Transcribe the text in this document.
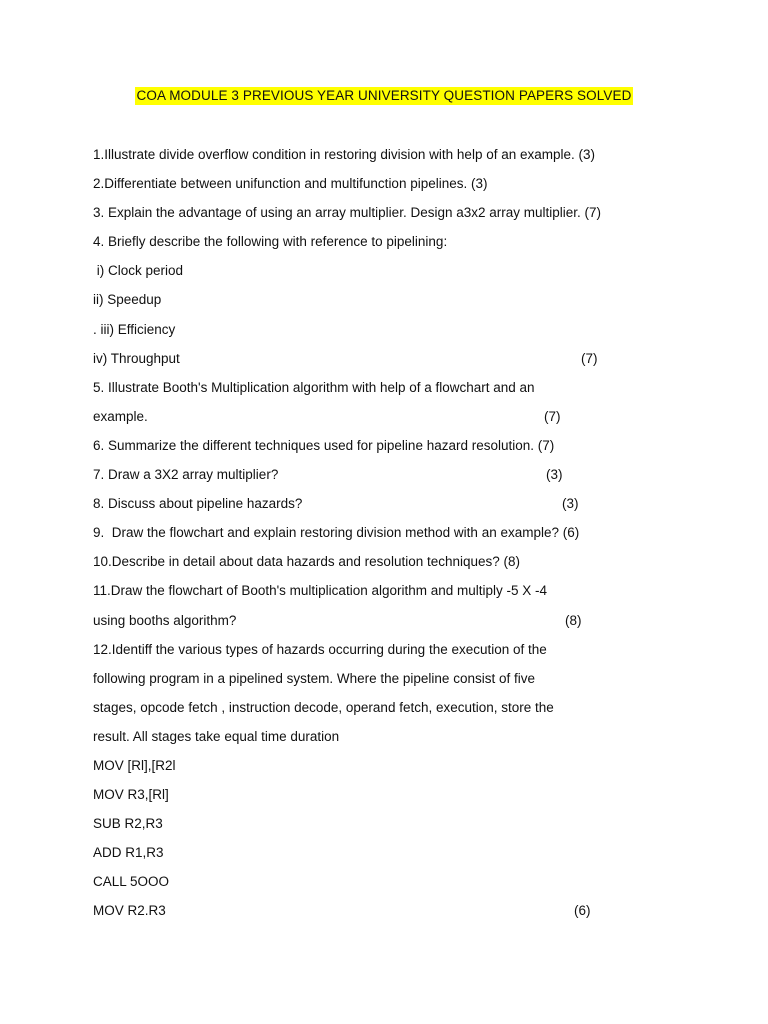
COA MODULE 3 PREVIOUS YEAR UNIVERSITY QUESTION PAPERS SOLVED
1.Illustrate divide overflow condition in restoring division with help of an example. (3)
2.Differentiate between unifunction and multifunction pipelines. (3)
3. Explain the advantage of using an array multiplier. Design a3x2 array multiplier. (7)
4. Briefly describe the following with reference to pipelining:
i) Clock period
ii) Speedup
. iii) Efficiency
iv) Throughput	(7)
5. Illustrate Booth's Multiplication algorithm with help of a flowchart and an
example.	(7)
6. Summarize the different techniques used for pipeline hazard resolution. (7)
7. Draw a 3X2 array multiplier?	(3)
8. Discuss about pipeline hazards?	(3)
9.  Draw the flowchart and explain restoring division method with an example? (6)
10.Describe in detail about data hazards and resolution techniques? (8)
11.Draw the flowchart of Booth's multiplication algorithm and multiply -5 X -4
using booths algorithm?	(8)
12.Identiff the various types of hazards occurring during the execution of the
following program in a pipelined system. Where the pipeline consist of five
stages, opcode fetch , instruction decode, operand fetch, execution, store the
result. All stages take equal time duration
MOV [Rl],[R2l
MOV R3,[Rl]
SUB R2,R3
ADD R1,R3
CALL 5OOO
MOV R2.R3	(6)
